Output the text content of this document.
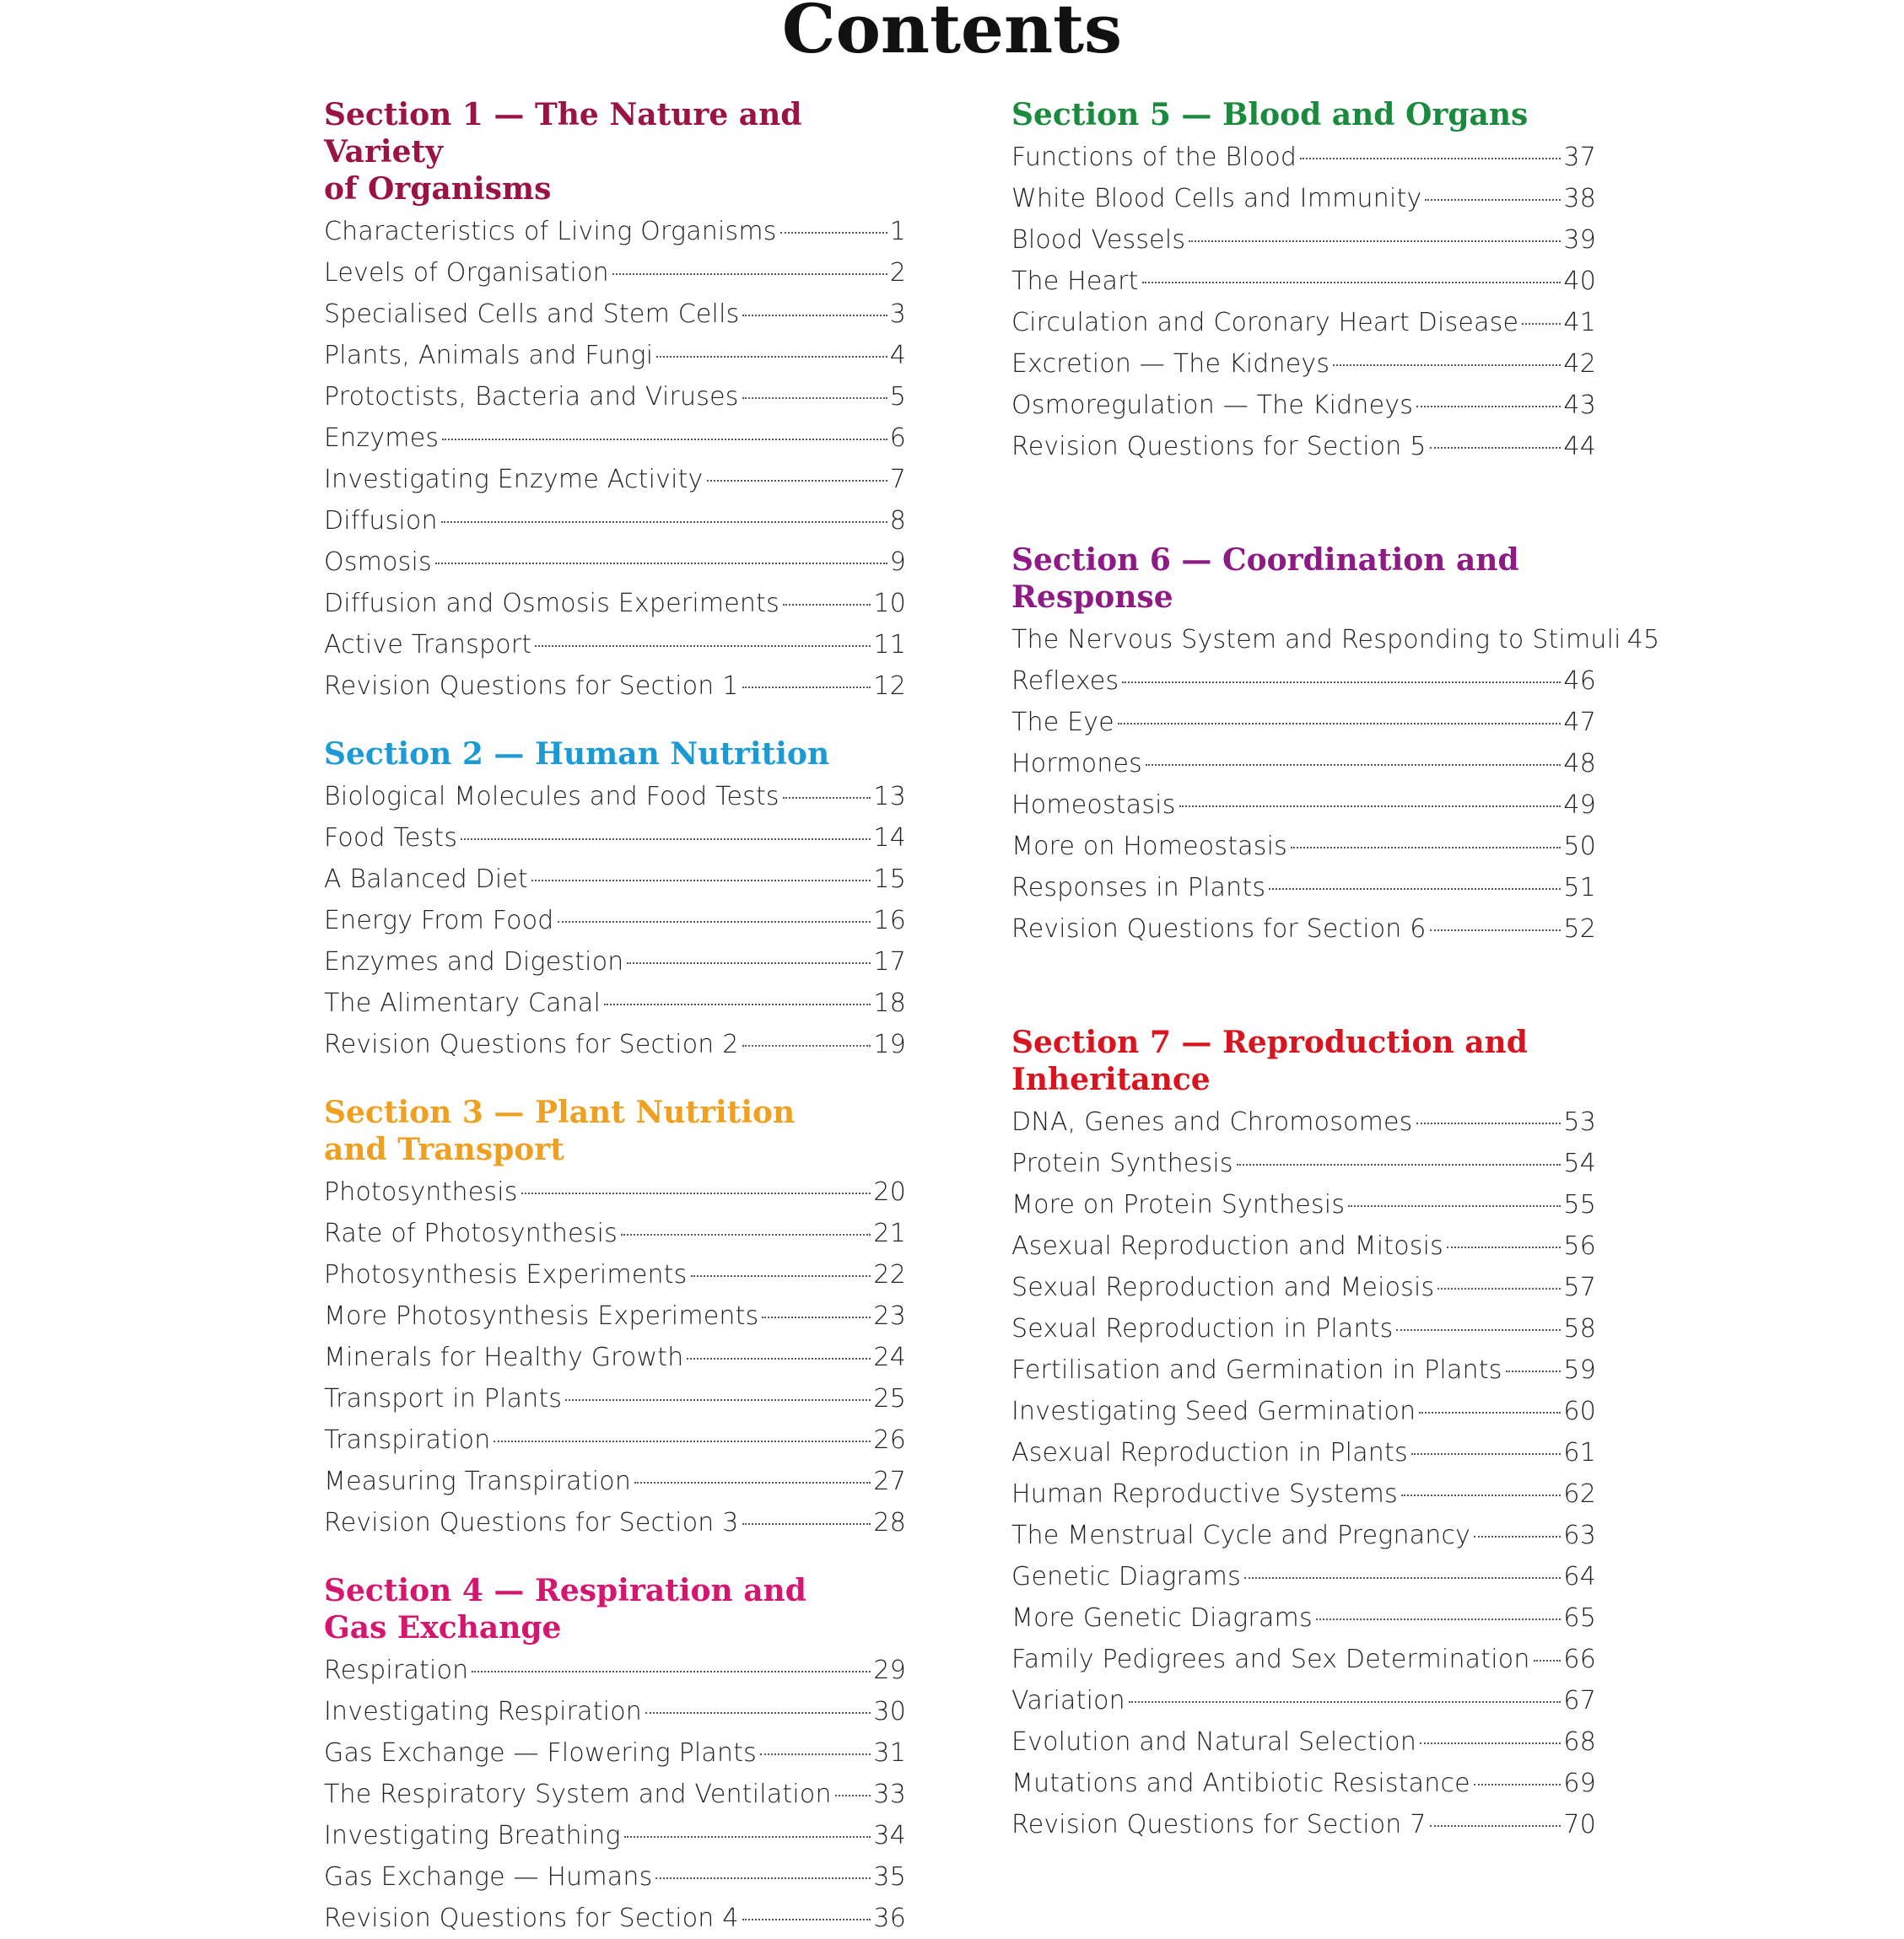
Contents
Section 1 — The Nature and Variety
of Organisms
Characteristics of Living Organisms	1
Levels of Organisation	2
Specialised Cells and Stem Cells	3
Plants, Animals and Fungi	4
Protoctists, Bacteria and Viruses	5
Enzymes	6
Investigating Enzyme Activity	7
Diffusion	8
Osmosis	9
Diffusion and Osmosis Experiments	10
Active Transport	11
Revision Questions for Section 1	12
Section 2 — Human Nutrition
Biological Molecules and Food Tests	13
Food Tests	14
A Balanced Diet	15
Energy From Food	16
Enzymes and Digestion	17
The Alimentary Canal	18
Revision Questions for Section 2	19
Section 3 — Plant Nutrition
and Transport
Photosynthesis	20
Rate of Photosynthesis	21
Photosynthesis Experiments	22
More Photosynthesis Experiments	23
Minerals for Healthy Growth	24
Transport in Plants	25
Transpiration	26
Measuring Transpiration	27
Revision Questions for Section 3	28
Section 4 — Respiration and
Gas Exchange
Respiration	29
Investigating Respiration	30
Gas Exchange — Flowering Plants	31
The Respiratory System and Ventilation 33
Investigating Breathing	34
Gas Exchange — Humans	35
Revision Questions for Section 4	36
Section 5 — Blood and Organs
Functions of the Blood	37
White Blood Cells and Immunity	38
Blood Vessels	39
The Heart	40
Circulation and Coronary Heart Disease 41
Excretion — The Kidneys	42
Osmoregulation — The Kidneys	43
Revision Questions for Section 5	44
Section 6 — Coordination and
Response
The Nervous System and Responding to Stimuli 45
Reflexes	46
The Eye	47
Hormones	48
Homeostasis	49
More on Homeostasis	50
Responses in Plants	51
Revision Questions for Section 6	52
Section 7 — Reproduction and
Inheritance
DNA, Genes and Chromosomes	53
Protein Synthesis	54
More on Protein Synthesis	55
Asexual Reproduction and Mitosis	56
Sexual Reproduction and Meiosis	57
Sexual Reproduction in Plants	58
Fertilisation and Germination in Plants 59
Investigating Seed Germination	60
Asexual Reproduction in Plants	61
Human Reproductive Systems	62
The Menstrual Cycle and Pregnancy	63
Genetic Diagrams	64
More Genetic Diagrams	65
Family Pedigrees and Sex Determination 66
Variation	67
Evolution and Natural Selection	68
Mutations and Antibiotic Resistance	69
Revision Questions for Section 7	70
